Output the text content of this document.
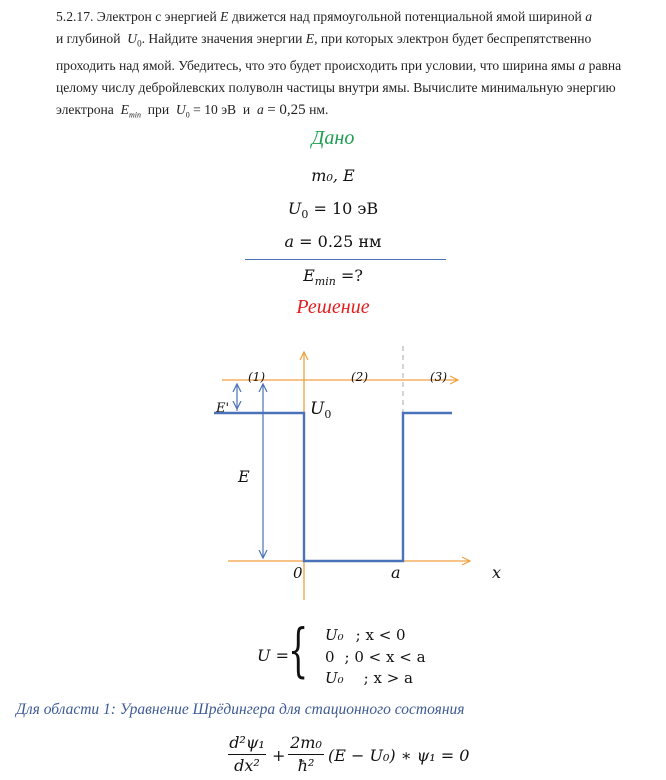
5.2.17. Электрон с энергией E движется над прямоугольной потенциальной ямой шириной a
и глубиной $U_0$. Найдите значения энергии E, при которых электрон будет беспрепятственно
проходить над ямой. Убедитесь, что это будет происходить при условии, что ширина ямы a равна
целому числу дебройлевских полуволн частицы внутри ямы. Вычислите минимальную энергию
электрона $E_{min}$ при $U_0 = 10$ эВ и a = 0,25 нм.
Дано
m₀, E
$U_0 = 10$ эВ
a = 0.25 нм
$E_{min}$ =?
Решение
(1)	(2)	(3)
E'	$U_0$
E
0	a	x
U = { U₀ ; x < 0
0 ; 0 < x < a
U₀ ; x > a
Для области 1: Уравнение Шрёдингера для стационного состояния
d²ψ₁
dx²
+
2m₀
ħ²
(E − U₀) ∗ ψ₁ = 0
